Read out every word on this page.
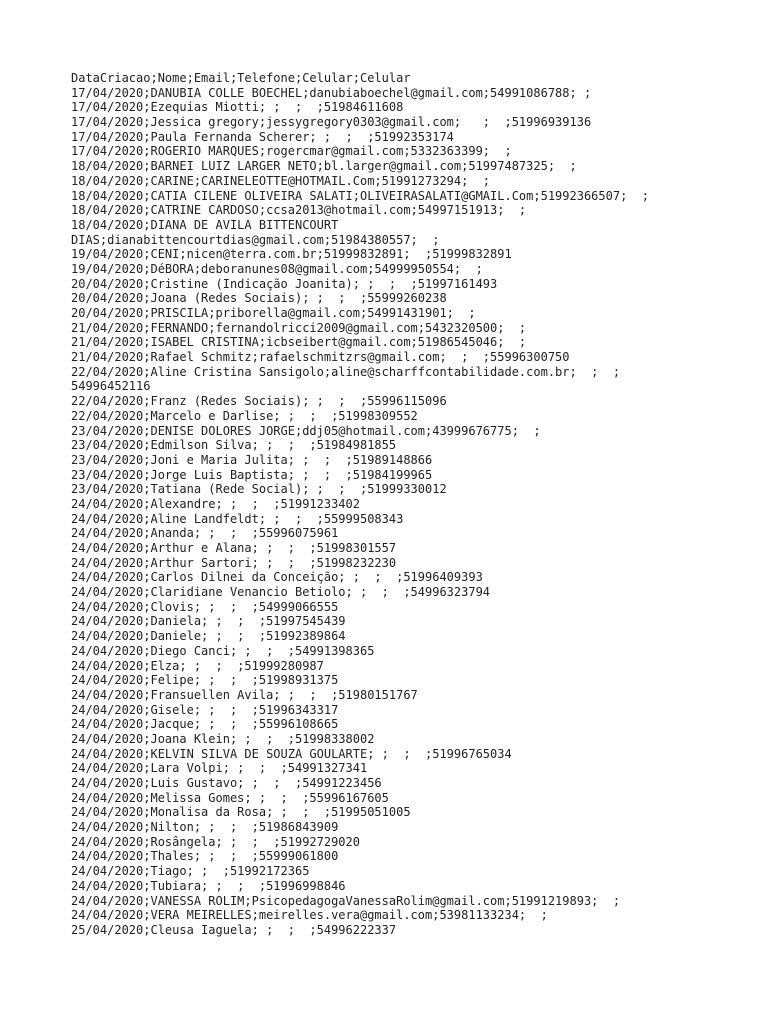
DataCriacao;Nome;Email;Telefone;Celular;Celular
17/04/2020;DANUBIA COLLE BOECHEL;danubiaboechel@gmail.com;54991086788; ;
17/04/2020;Ezequias Miotti; ;  ;  ;51984611608
17/04/2020;Jessica gregory;jessygregory0303@gmail.com;   ;  ;51996939136
17/04/2020;Paula Fernanda Scherer; ;  ;  ;51992353174
17/04/2020;ROGERIO MARQUES;rogercmar@gmail.com;5332363399;  ;
18/04/2020;BARNEI LUIZ LARGER NETO;bl.larger@gmail.com;51997487325;  ;
18/04/2020;CARINE;CARINELEOTTE@HOTMAIL.Com;51991273294;  ;
18/04/2020;CATIA CILENE OLIVEIRA SALATI;OLIVEIRASALATI@GMAIL.Com;51992366507;  ;
18/04/2020;CATRINE CARDOSO;ccsa2013@hotmail.com;54997151913;  ;
18/04/2020;DIANA DE AVILA BITTENCOURT
DIAS;dianabittencourtdias@gmail.com;51984380557;  ;
19/04/2020;CENI;nicen@terra.com.br;51999832891;  ;51999832891
19/04/2020;DéBORA;deboranunes08@gmail.com;54999950554;  ;
20/04/2020;Cristine (Indicação Joanita); ;  ;  ;51997161493
20/04/2020;Joana (Redes Sociais); ;  ;  ;55999260238
20/04/2020;PRISCILA;priborella@gmail.com;54991431901;  ;
21/04/2020;FERNANDO;fernandolricci2009@gmail.com;5432320500;  ;
21/04/2020;ISABEL CRISTINA;icbseibert@gmail.com;51986545046;  ;
21/04/2020;Rafael Schmitz;rafaelschmitzrs@gmail.com;  ;  ;55996300750
22/04/2020;Aline Cristina Sansigolo;aline@scharffcontabilidade.com.br;  ;  ;
54996452116
22/04/2020;Franz (Redes Sociais); ;  ;  ;55996115096
22/04/2020;Marcelo e Darlise; ;  ;  ;51998309552
23/04/2020;DENISE DOLORES JORGE;ddj05@hotmail.com;43999676775;  ;
23/04/2020;Edmilson Silva; ;  ;  ;51984981855
23/04/2020;Joni e Maria Julita; ;  ;  ;51989148866
23/04/2020;Jorge Luis Baptista; ;  ;  ;51984199965
23/04/2020;Tatiana (Rede Social); ;  ;  ;51999330012
24/04/2020;Alexandre; ;  ;  ;51991233402
24/04/2020;Aline Landfeldt; ;  ;  ;55999508343
24/04/2020;Ananda; ;  ;  ;55996075961
24/04/2020;Arthur e Alana; ;  ;  ;51998301557
24/04/2020;Arthur Sartori; ;  ;  ;51998232230
24/04/2020;Carlos Dilnei da Conceição; ;  ;  ;51996409393
24/04/2020;Claridiane Venancio Betiolo; ;  ;  ;54996323794
24/04/2020;Clovis; ;  ;  ;54999066555
24/04/2020;Daniela; ;  ;  ;51997545439
24/04/2020;Daniele; ;  ;  ;51992389864
24/04/2020;Diego Canci; ;  ;  ;54991398365
24/04/2020;Elza; ;  ;  ;51999280987
24/04/2020;Felipe; ;  ;  ;51998931375
24/04/2020;Fransuellen Avila; ;  ;  ;51980151767
24/04/2020;Gisele; ;  ;  ;51996343317
24/04/2020;Jacque; ;  ;  ;55996108665
24/04/2020;Joana Klein; ;  ;  ;51998338002
24/04/2020;KELVIN SILVA DE SOUZA GOULARTE; ;  ;  ;51996765034
24/04/2020;Lara Volpi; ;  ;  ;54991327341
24/04/2020;Luis Gustavo; ;  ;  ;54991223456
24/04/2020;Melissa Gomes; ;  ;  ;55996167605
24/04/2020;Monalisa da Rosa; ;  ;  ;51995051005
24/04/2020;Nilton; ;  ;  ;51986843909
24/04/2020;Rosângela; ;  ;  ;51992729020
24/04/2020;Thales; ;  ;  ;55999061800
24/04/2020;Tiago; ;  ;51992172365
24/04/2020;Tubiara; ;  ;  ;51996998846
24/04/2020;VANESSA ROLIM;PsicopedagogaVanessaRolim@gmail.com;51991219893;  ;
24/04/2020;VERA MEIRELLES;meirelles.vera@gmail.com;53981133234;  ;
25/04/2020;Cleusa Iaguela; ;  ;  ;54996222337
